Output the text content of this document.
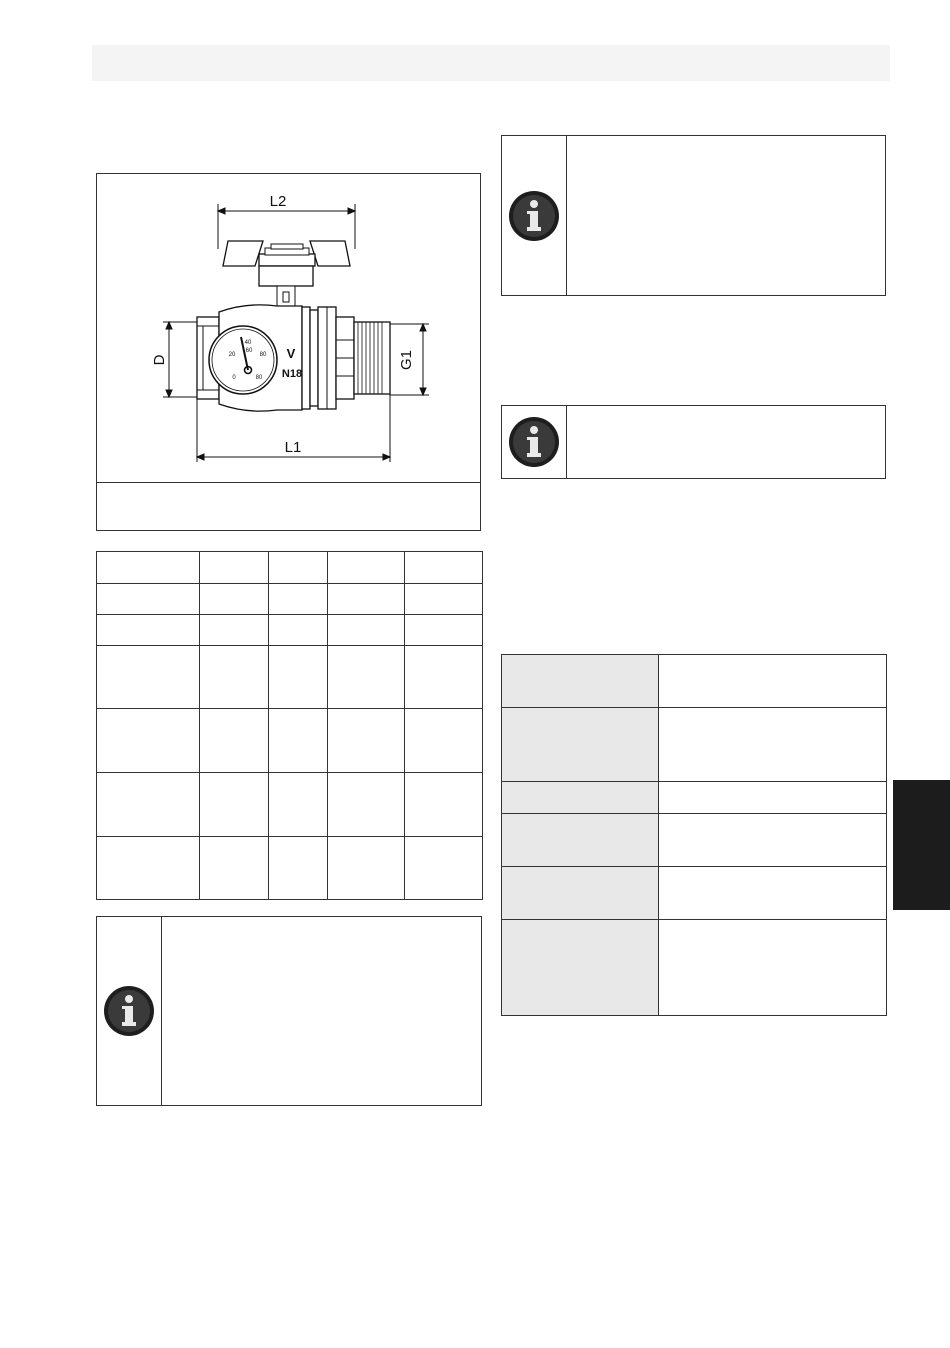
L2
L1
D	G1
40
20
60
80
0	80
V
N18
